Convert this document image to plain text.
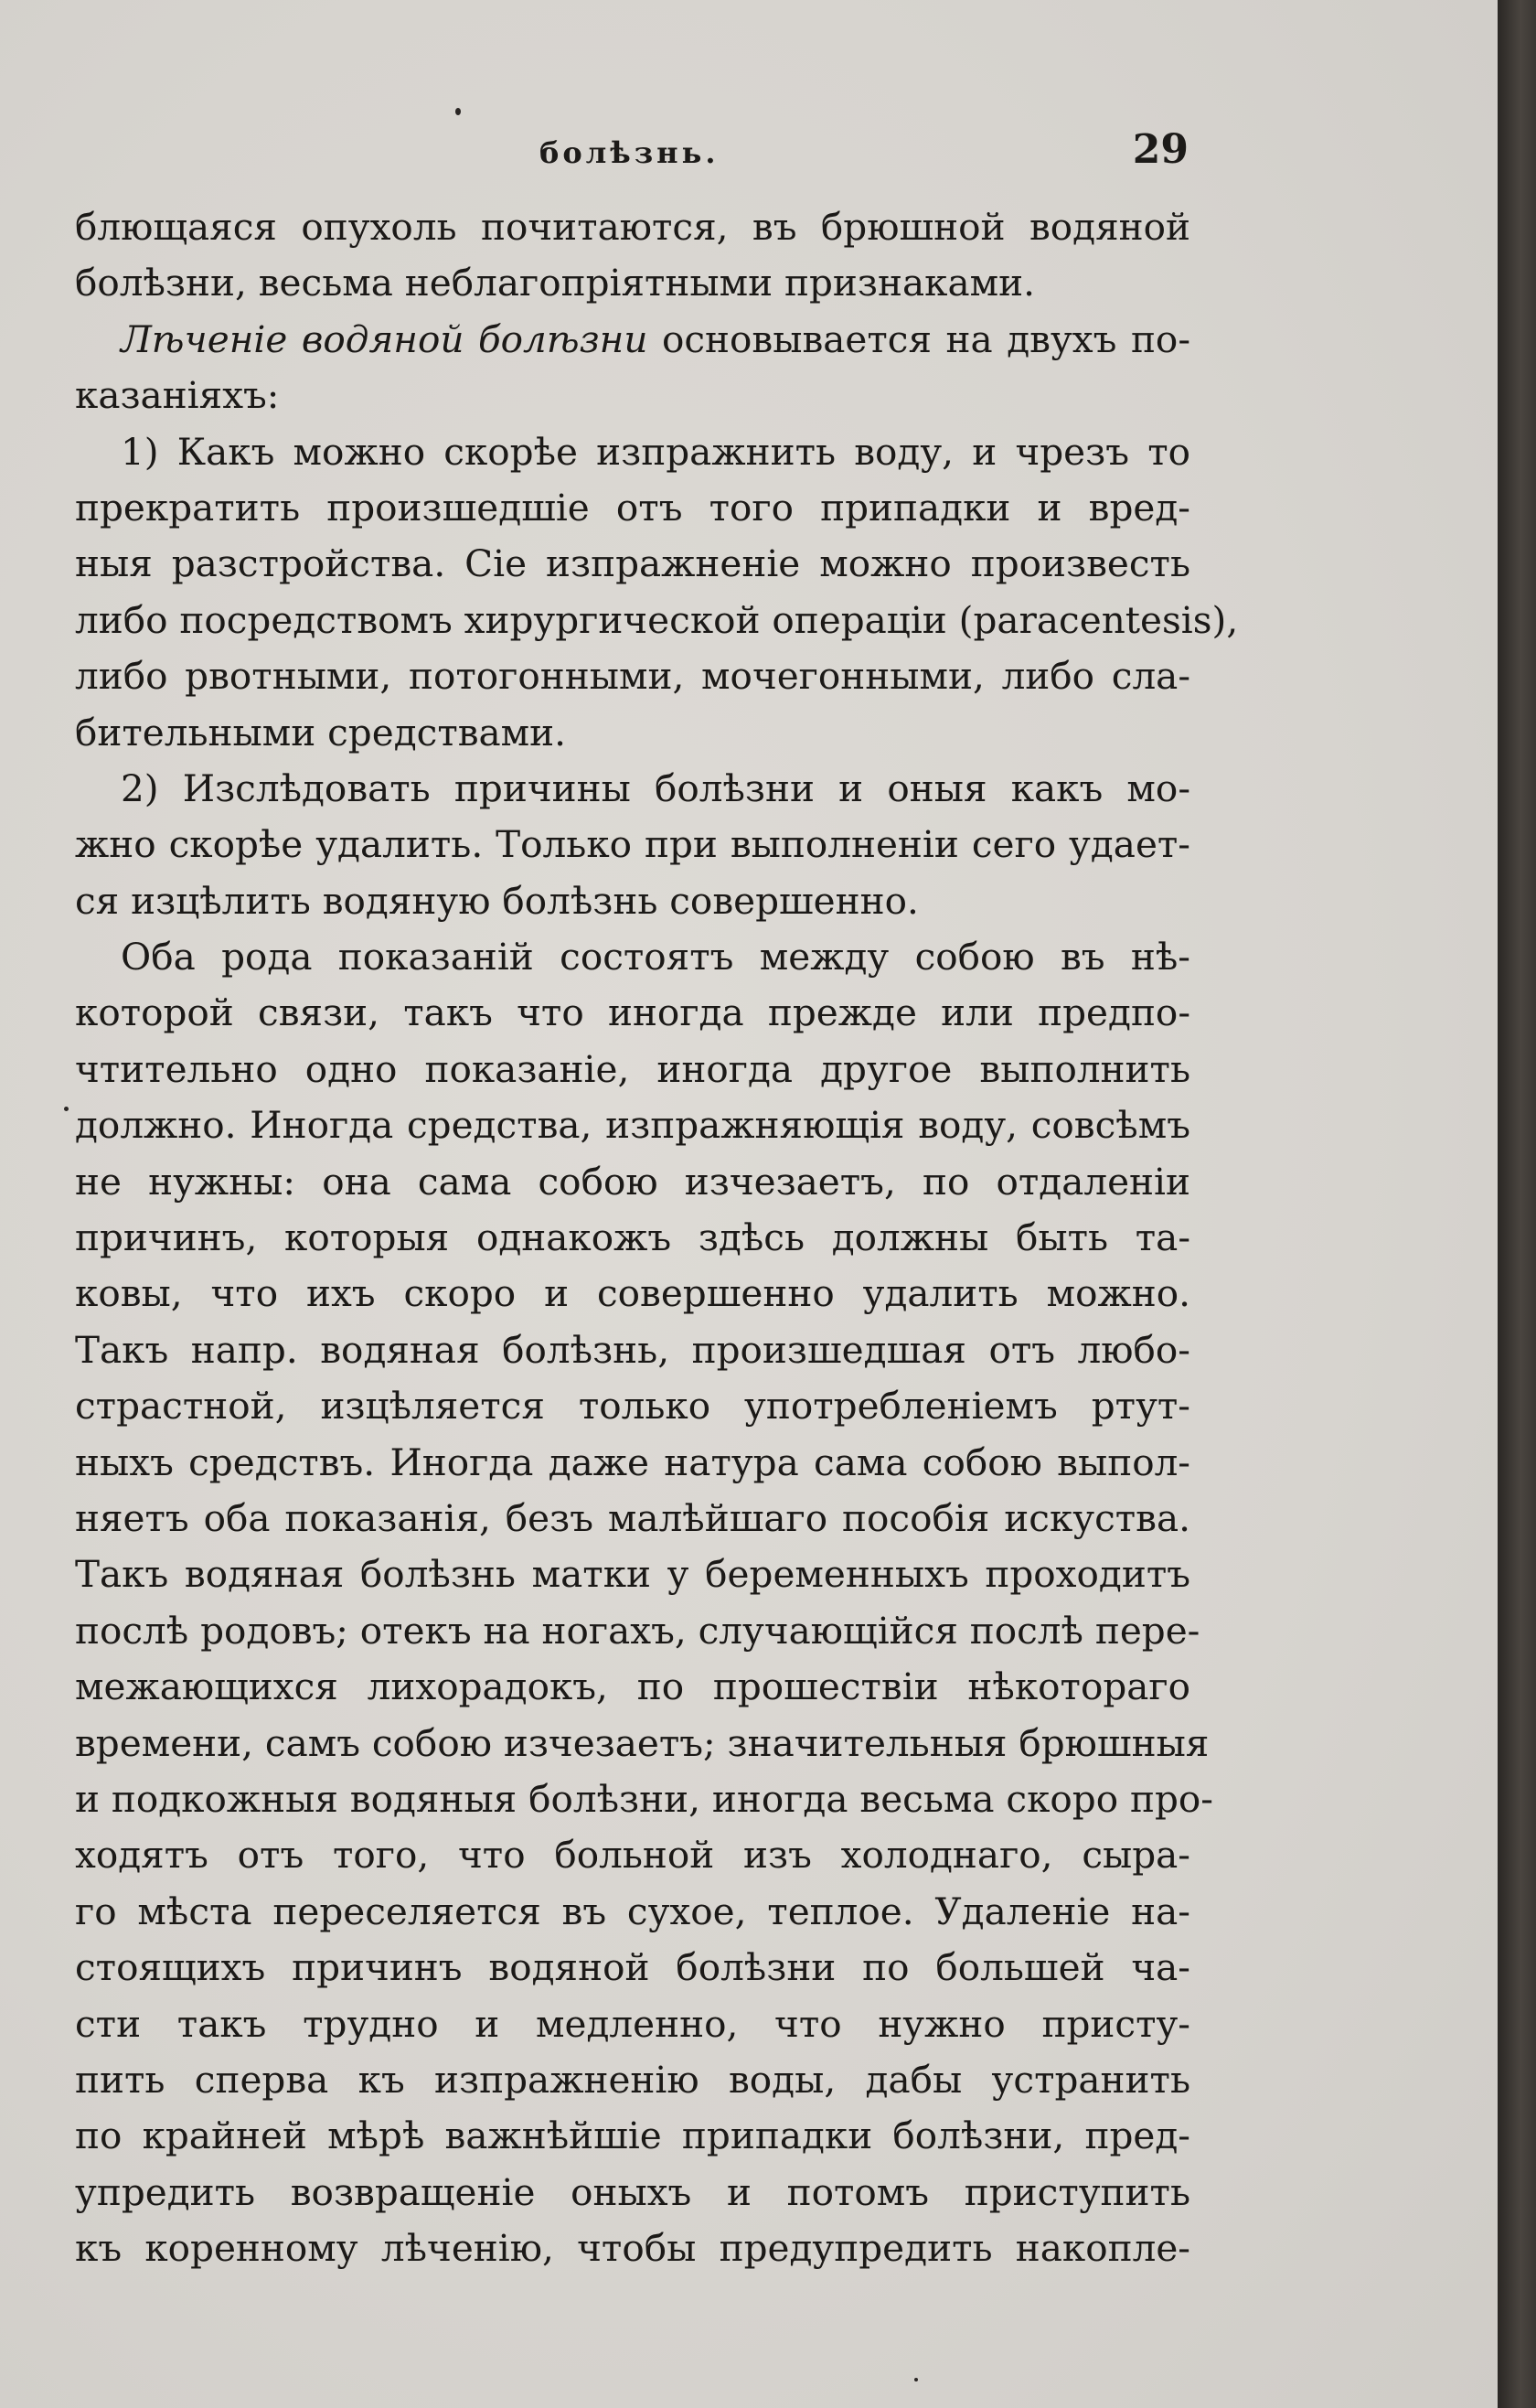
болѣзнь.	29
блющаяся опухоль почитаются, въ брюшной водяной
болѣзни, весьма неблагопріятными признаками.
Лѣченіе водяной болѣзни основывается на двухъ по-
казаніяхъ:
1) Какъ можно скорѣе изпражнить воду, и чрезъ то
прекратить произшедшіе отъ того припадки и вред-
ныя разстройства. Сіе изпражненіе можно произвесть
либо посредствомъ хирургической операціи (paracentesis),
либо рвотными, потогонными, мочегонными, либо сла-
бительными средствами.
2) Изслѣдовать причины болѣзни и оныя какъ мо-
жно скорѣе удалить. Только при выполненіи сего удает-
ся изцѣлить водяную болѣзнь совершенно.
Оба рода показаній состоятъ между собою въ нѣ-
которой связи, такъ что иногда прежде или предпо-
чтительно одно показаніе, иногда другое выполнить
должно. Иногда средства, изпражняющія воду, совсѣмъ
не нужны: она сама собою изчезаетъ, по отдаленіи
причинъ, которыя однакожъ здѣсь должны быть та-
ковы, что ихъ скоро и совершенно удалить можно.
Такъ напр. водяная болѣзнь, произшедшая отъ любо-
страстной, изцѣляется только употребленіемъ ртут-
ныхъ средствъ. Иногда даже натура сама собою выпол-
няетъ оба показанія, безъ малѣйшаго пособія искуства.
Такъ водяная болѣзнь матки у беременныхъ проходитъ
послѣ родовъ; отекъ на ногахъ, случающійся послѣ пере-
межающихся лихорадокъ, по прошествіи нѣкотораго
времени, самъ собою изчезаетъ; значительныя брюшныя
и подкожныя водяныя болѣзни, иногда весьма скоро про-
ходятъ отъ того, что больной изъ холоднаго, сыра-
го мѣста переселяется въ сухое, теплое. Удаленіе на-
стоящихъ причинъ водяной болѣзни по большей ча-
сти такъ трудно и медленно, что нужно присту-
пить сперва къ изпражненію воды, дабы устранить
по крайней мѣрѣ важнѣйшіе припадки болѣзни, пред-
упредить возвращеніе оныхъ и потомъ приступить
къ коренному лѣченію, чтобы предупредить накопле-
